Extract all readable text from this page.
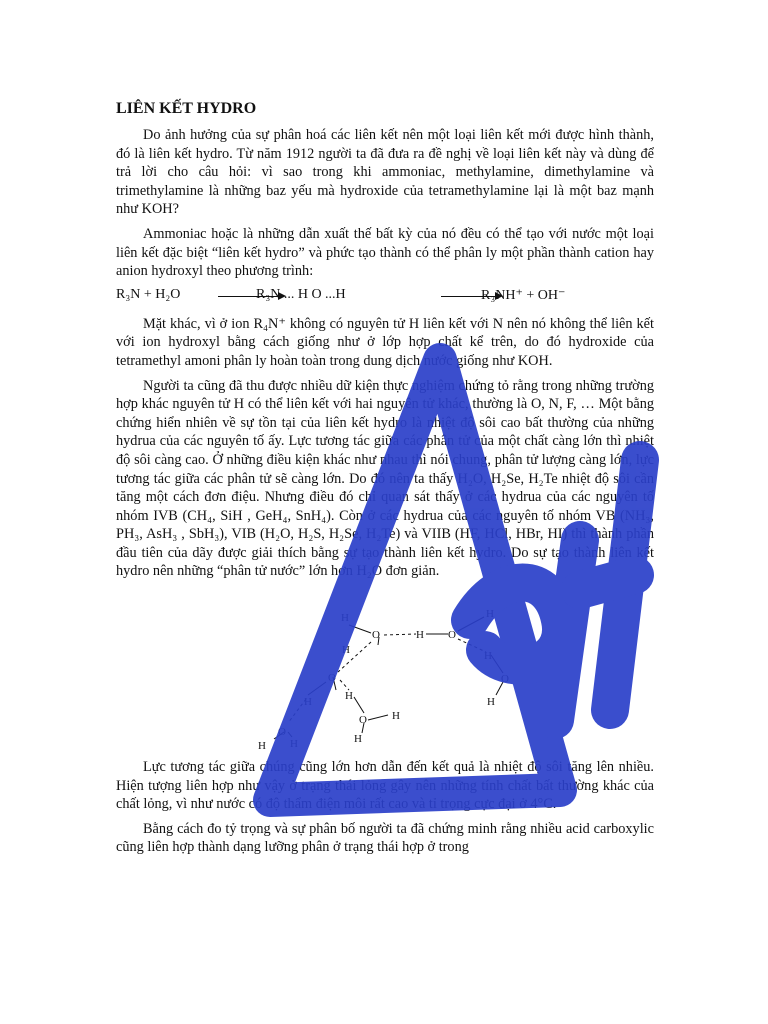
LIÊN KẾT HYDRO

Do ảnh hưởng của sự phân hoá các liên kết nên một loại liên kết mới được hình thành, đó là liên kết hydro. Từ năm 1912 người ta đã đưa ra đề nghị về loại liên kết này và dùng để trả lời cho câu hỏi: vì sao trong khi ammoniac, methylamine, dimethylamine và trimethylamine là những baz yếu mà hydroxide của tetramethylamine lại là một baz mạnh như KOH?

Ammoniac hoặc là những dẫn xuất thế bất kỳ của nó đều có thể tạo với nước một loại liên kết đặc biệt “liên kết hydro” và phức tạo thành có thể phân ly một phần thành cation hay anion hydroxyl theo phương trình:

R₃N + H₂O	R₃N ... H O ...H	R₃NH⁺ + OH⁻

Mặt khác, vì ở ion R₄N⁺ không có nguyên tử H liên kết với N nên nó không thể liên kết với ion hydroxyl bằng cách giống như ở lớp hợp chất kể trên, do đó hydroxide của tetramethyl amoni phân ly hoàn toàn trong dung dịch nước giống như KOH.

Người ta cũng đã thu được nhiều dữ kiện thực nghiệm chứng tỏ rằng trong những trường hợp khác nguyên tử H có thể liên kết với hai nguyên tử khác, thường là O, N, F, … Một bằng chứng hiển nhiên về sự tồn tại của liên kết hydro là nhiệt độ sôi cao bất thường của những hydrua của các nguyên tố ấy. Lực tương tác giữa các phân tử của một chất càng lớn thì nhiệt độ sôi càng cao. Ở những điều kiện khác như nhau thì nói chung, phân tử lượng càng lớn, lực tương tác giữa các phân tử sẽ càng lớn. Do đó nên ta thấy H₂O, H₂Se, H₂Te nhiệt độ sôi cần tăng một cách đơn điệu. Nhưng điều đó chỉ quan sát thấy ở các hydrua của các nguyên tố nhóm IVB (CH₄, SiH , GeH₄, SnH₄). Còn ở các hydrua của các nguyên tố nhóm VB (NH₃, PH₃, AsH₃ , SbH₃), VIB (H₂O, H₂S, H₂Se, H₂Te) và VIIB (HF, HCl, HBr, HI) thì thành phần đầu tiên của dãy được giải thích bằng sự tạo thành liên kết hydro. Do sự tạo thành liên kết hydro nên những “phân tử nước” lớn hơn H₂O đơn giản.

H
O
H
O
H
H
O
H
H
O
H	H
O H
H
H
O
H

Lực tương tác giữa chúng cũng lớn hơn dẫn đến kết quả là nhiệt độ sôi tăng lên nhiều. Hiện tượng liên hợp như vậy ở trạng thái lỏng gây nên những tính chất bất thường khác của chất lỏng, vì như nước có độ thẩm điện môi rất cao và tỉ trọng cực đại ở 4°C.

Bằng cách đo tỷ trọng và sự phân bố người ta đã chứng minh rằng nhiều acid carboxylic cũng liên hợp thành dạng lưỡng phân ở trạng thái hợp ở trong
